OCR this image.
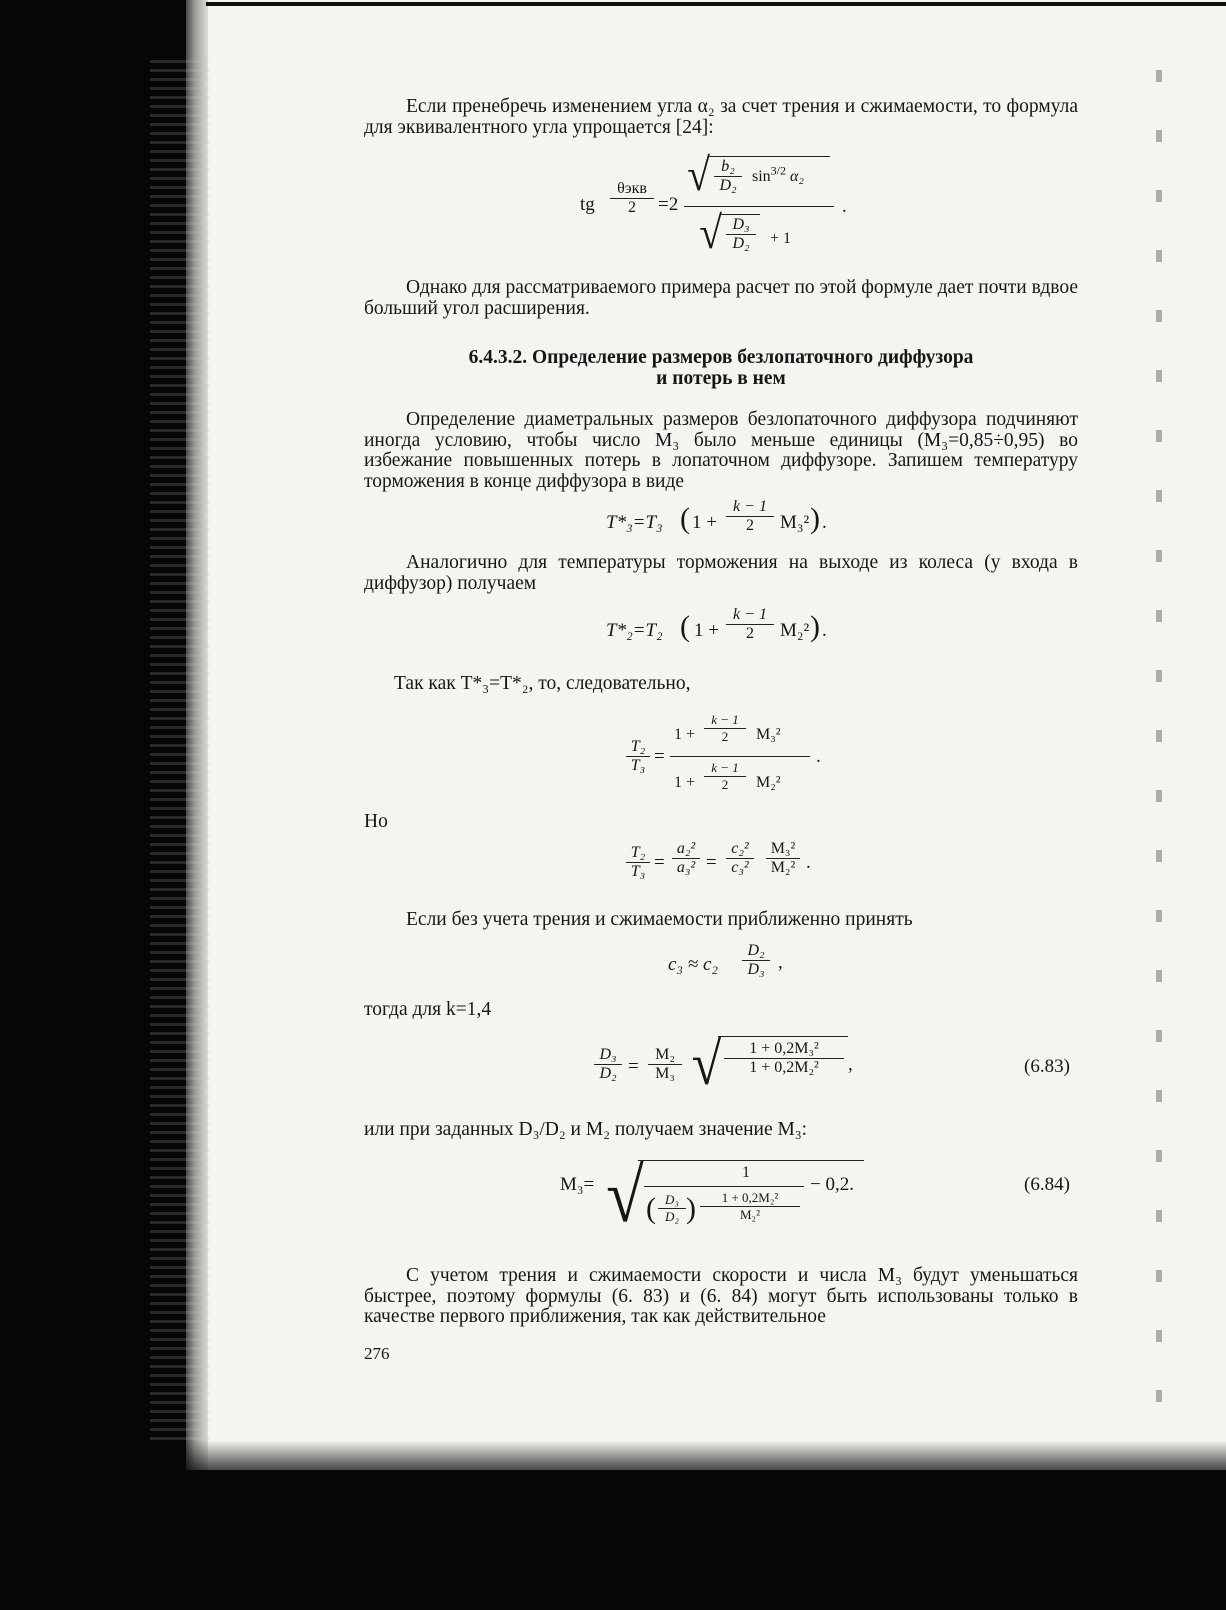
Если пренебречь изменением угла α₂ за счет трения и сжимаемости, то формула для эквивалентного угла упрощается [24]:
tg
θэкв
2	=2
√ b₂
D₂
$\sin^{3/2} \alpha_2$
√ D₃
D₂	+ 1
.
Однако для рассматриваемого примера расчет по этой формуле дает почти вдвое больший угол расширения.
6.4.3.2. Определение размеров безлопаточного диффузора
и потерь в нем
Определение диаметральных размеров безлопаточного диффузора подчиняют иногда условию, чтобы число M₃ было меньше единицы (M₃=0,85÷0,95) во избежание повышенных потерь в лопаточном диффузоре. Запишем температуру торможения в конце диффузора в виде
T*₃=T₃ ( 1 +
k − 1
2	M₃² ) .
Аналогично для температуры торможения на выходе из колеса (у входа в диффузор) получаем
T*₂=T₂ ( 1 +
k − 1
2	M₂² ) .
Так как T*₃=T*₂, то, следовательно,
T₂
T₃ =
1 +
k − 1
2	M₃²
1 +
k − 1
2	M₂²
.
Но
T₂
T₃ =
a₂²
a₃² =
c₂²
c₃²
M₃²
M₂² .
Если без учета трения и сжимаемости приближенно принять
c₃ ≈ c₂
D₂
D₃ ,
тогда для k=1,4
D₃
D₂ =
M₂
M₃ √ $\frac{\text{1 + 0,2M₃²}}{\text{1 + 0,2M₂²}}$ ,	(6.83)
или при заданных D₃/D₂ и M₂ получаем значение M₃:
M₃= √	1
( D₃
D₂ ) $\frac{\text{1 + 0,2M₂²}}{\text{M₂²}}$
− 0,2.	(6.84)
С учетом трения и сжимаемости скорости и числа M₃ будут уменьшаться быстрее, поэтому формулы (6. 83) и (6. 84) могут быть использованы только в качестве первого приближения, так как действительное
276
